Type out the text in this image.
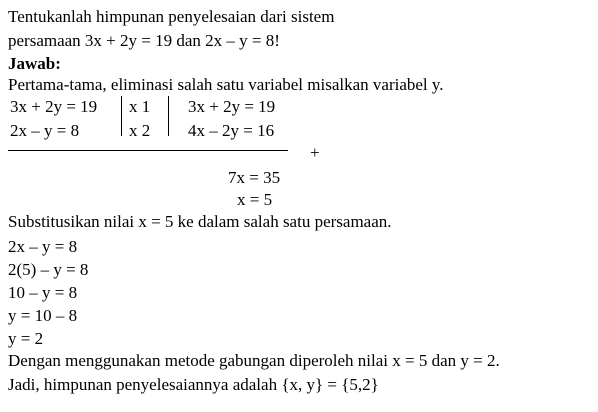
Tentukanlah himpunan penyelesaian dari sistem
persamaan 3x + 2y = 19 dan 2x – y = 8!
Jawab:
Pertama-tama, eliminasi salah satu variabel misalkan variabel y.
3x + 2y = 19
2x – y = 8
x 1
x 2
3x + 2y = 19
4x – 2y = 16
+
7x = 35
x = 5
Substitusikan nilai x = 5 ke dalam salah satu persamaan.
2x – y = 8
2(5) – y = 8
10 – y = 8
y = 10 – 8
y = 2
Dengan menggunakan metode gabungan diperoleh nilai x = 5 dan y = 2.
Jadi, himpunan penyelesaiannya adalah {x, y} = {5,2}
